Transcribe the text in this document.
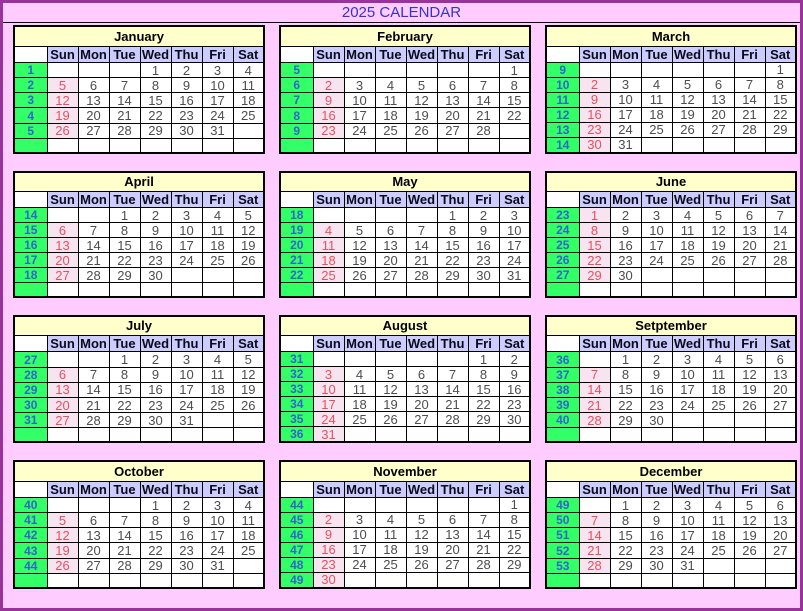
2025 CALENDAR
January							
	Sun	Mon	Tue	Wed	Thu	Fri	Sat
1				1	2	3	4
2	5	6	7	8	9	10	11
3	12	13	14	15	16	17	18
4	19	20	21	22	23	24	25
5	26	27	28	29	30	31	

February							
	Sun	Mon	Tue	Wed	Thu	Fri	Sat
5							1
6	2	3	4	5	6	7	8
7	9	10	11	12	13	14	15
8	16	17	18	19	20	21	22
9	23	24	25	26	27	28	

March							
	Sun	Mon	Tue	Wed	Thu	Fri	Sat
9							1
10	2	3	4	5	6	7	8
11	9	10	11	12	13	14	15
12	16	17	18	19	20	21	22
13	23	24	25	26	27	28	29
14	30	31					
April							
	Sun	Mon	Tue	Wed	Thu	Fri	Sat
14			1	2	3	4	5
15	6	7	8	9	10	11	12
16	13	14	15	16	17	18	19
17	20	21	22	23	24	25	26
18	27	28	29	30			

May							
	Sun	Mon	Tue	Wed	Thu	Fri	Sat
18					1	2	3
19	4	5	6	7	8	9	10
20	11	12	13	14	15	16	17
21	18	19	20	21	22	23	24
22	25	26	27	28	29	30	31

June							
	Sun	Mon	Tue	Wed	Thu	Fri	Sat
23	1	2	3	4	5	6	7
24	8	9	10	11	12	13	14
25	15	16	17	18	19	20	21
26	22	23	24	25	26	27	28
27	29	30					

July							
	Sun	Mon	Tue	Wed	Thu	Fri	Sat
27			1	2	3	4	5
28	6	7	8	9	10	11	12
29	13	14	15	16	17	18	19
30	20	21	22	23	24	25	26
31	27	28	29	30	31		

August							
	Sun	Mon	Tue	Wed	Thu	Fri	Sat
31						1	2
32	3	4	5	6	7	8	9
33	10	11	12	13	14	15	16
34	17	18	19	20	21	22	23
35	24	25	26	27	28	29	30
36	31						
Setptember							
	Sun	Mon	Tue	Wed	Thu	Fri	Sat
36		1	2	3	4	5	6
37	7	8	9	10	11	12	13
38	14	15	16	17	18	19	20
39	21	22	23	24	25	26	27
40	28	29	30				

October							
	Sun	Mon	Tue	Wed	Thu	Fri	Sat
40				1	2	3	4
41	5	6	7	8	9	10	11
42	12	13	14	15	16	17	18
43	19	20	21	22	23	24	25
44	26	27	28	29	30	31	

November							
	Sun	Mon	Tue	Wed	Thu	Fri	Sat
44							1
45	2	3	4	5	6	7	8
46	9	10	11	12	13	14	15
47	16	17	18	19	20	21	22
48	23	24	25	26	27	28	29
49	30						
December							
	Sun	Mon	Tue	Wed	Thu	Fri	Sat
49		1	2	3	4	5	6
50	7	8	9	10	11	12	13
51	14	15	16	17	18	19	20
52	21	22	23	24	25	26	27
53	28	29	30	31			
